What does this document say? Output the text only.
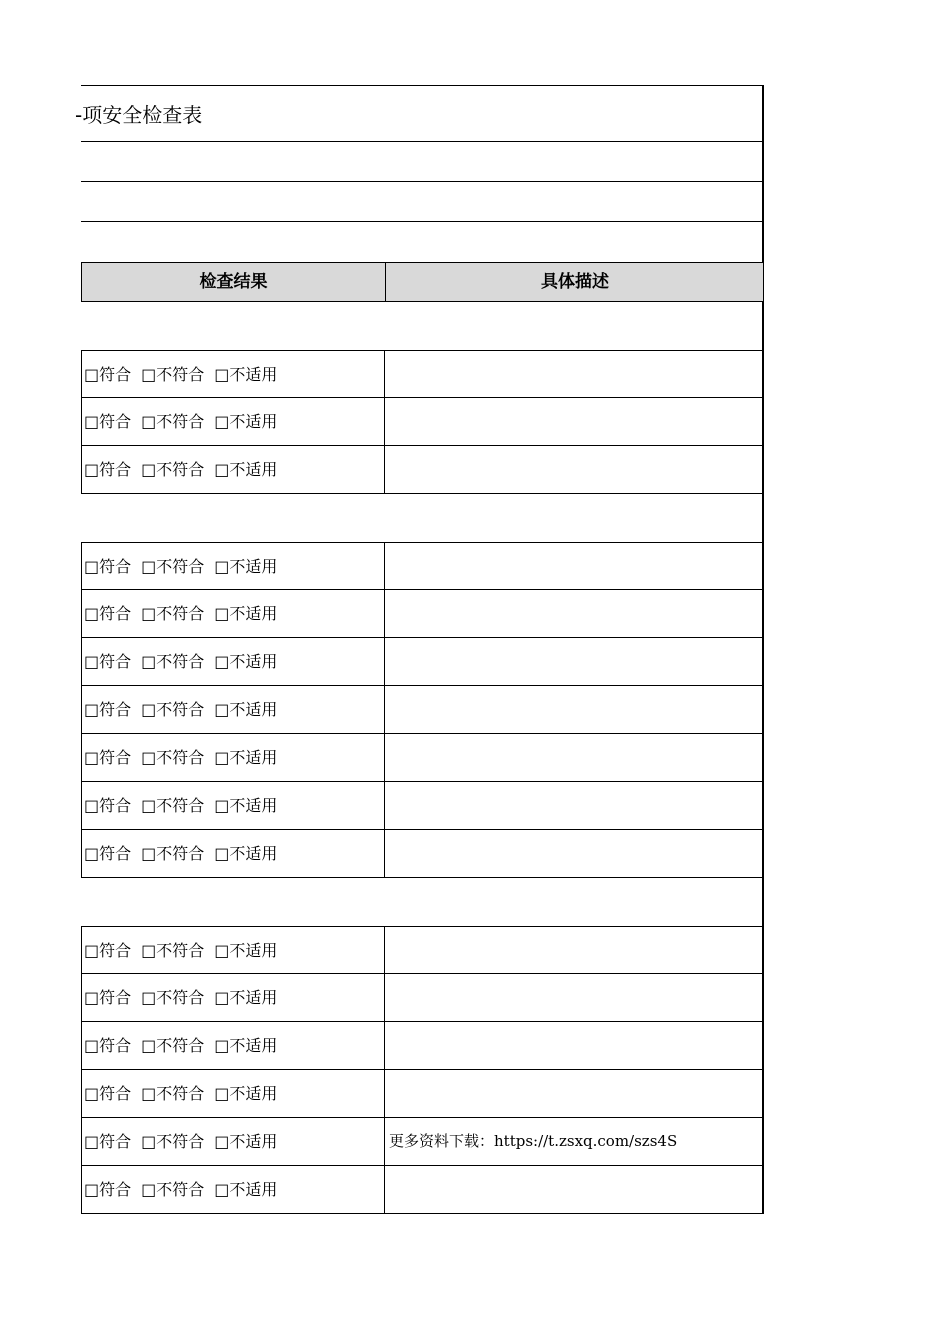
-项安全检查表
检查结果	具体描述
□符合 □不符合 □不适用
□符合 □不符合 □不适用
□符合 □不符合 □不适用
□符合 □不符合 □不适用
□符合 □不符合 □不适用
□符合 □不符合 □不适用
□符合 □不符合 □不适用
□符合 □不符合 □不适用
□符合 □不符合 □不适用
□符合 □不符合 □不适用
□符合 □不符合 □不适用
□符合 □不符合 □不适用
□符合 □不符合 □不适用
□符合 □不符合 □不适用
□符合 □不符合 □不适用	更多资料下载：https://t.zsxq.com/szs4S
□符合 □不符合 □不适用
